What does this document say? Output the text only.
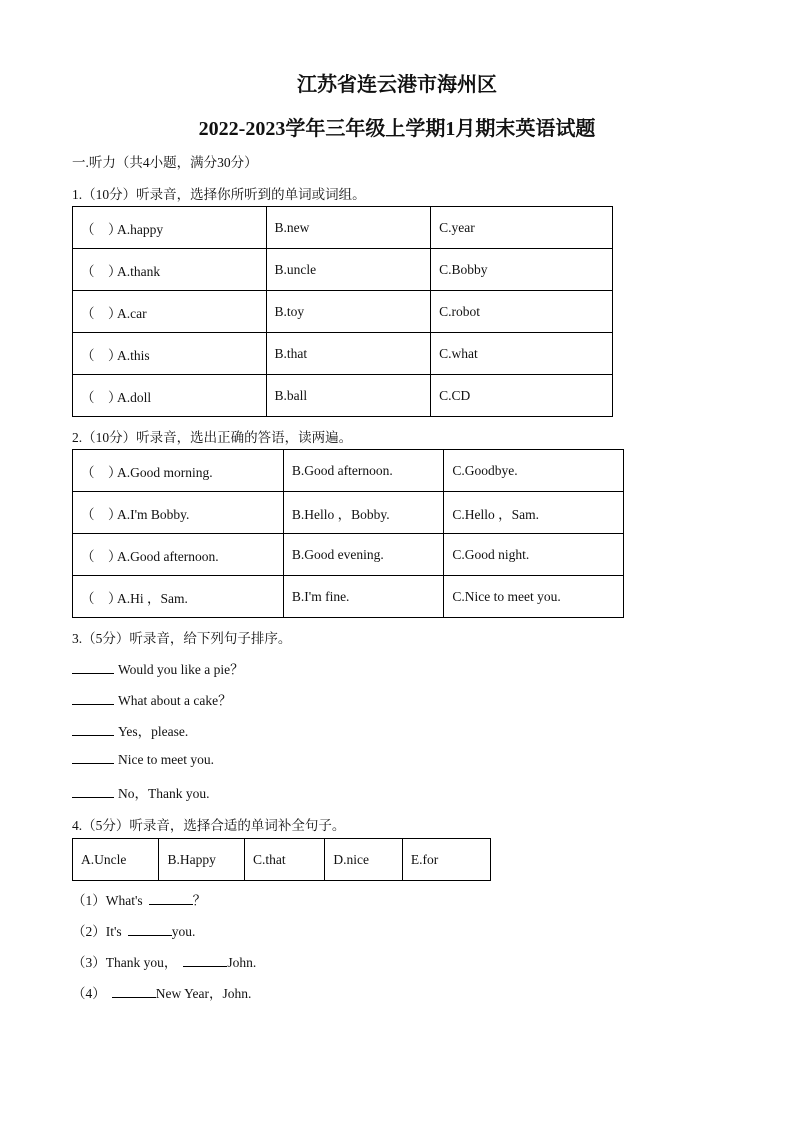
江苏省连云港市海州区
2022-2023学年三年级上学期1月期末英语试题
一.听力（共4小题，满分30分）
1.（10分）听录音，选择你所听到的单词或词组。
（　）A.happy	B.new	C.year
（　）A.thank	B.uncle	C.Bobby
（　）A.car	B.toy	C.robot
（　）A.this	B.that	C.what
（　）A.doll	B.ball	C.CD
2.（10分）听录音，选出正确的答语，读两遍。
（　）A.Good morning.	B.Good afternoon.	C.Goodbye.
（　）A.I'm Bobby.	B.Hello ，Bobby.	C.Hello ，Sam.
（　）A.Good afternoon.	B.Good evening.	C.Good night.
（　）A.Hi ，Sam.	B.I'm fine.	C.Nice to meet you.
3.（5分）听录音，给下列句子排序。
Would you like a pie？
What about a cake？
Yes，please.
Nice to meet you.
No，Thank you.
4.（5分）听录音，选择合适的单词补全句子。
A.Uncle	B.Happy	C.that	D.nice	E.for
（1）What's	？
（2）It's	you.
（3）Thank you，	John.
（4）	New Year，John.
